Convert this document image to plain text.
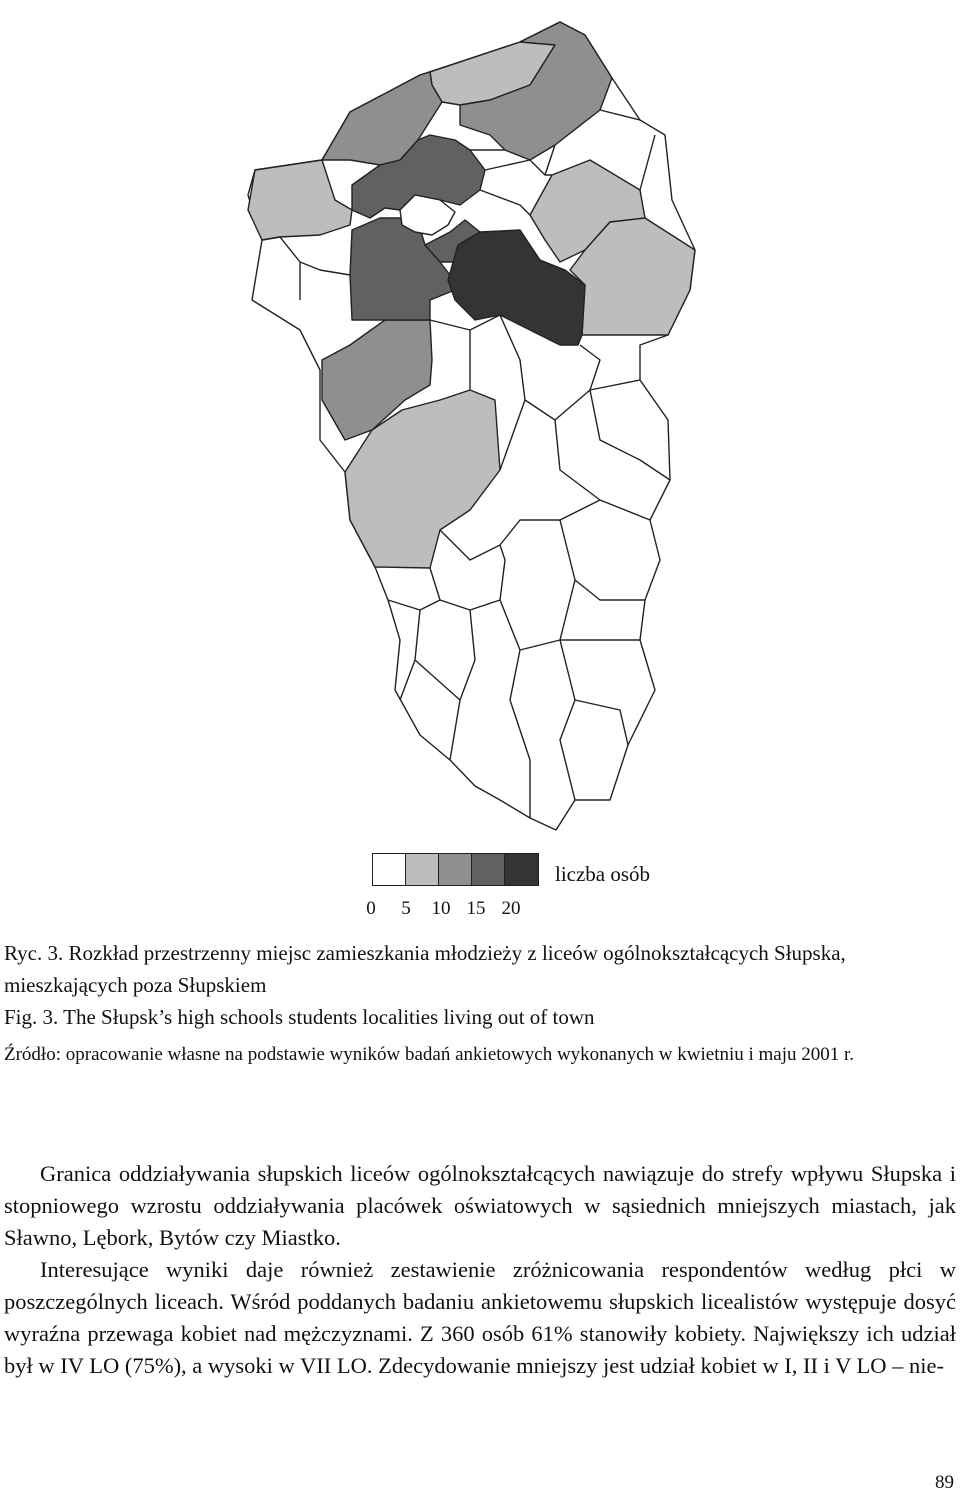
0 5 10 15 20
liczba osób

Ryc. 3. Rozkład przestrzenny miejsc zamieszkania młodzieży z liceów ogólnokształcących Słupska, mieszkających poza Słupskiem

Fig. 3. The Słupsk’s high schools students localities living out of town

Źródło: opracowanie własne na podstawie wyników badań ankietowych wykonanych w kwietniu i maju 2001 r.

Granica oddziaływania słupskich liceów ogólnokształcących nawiązuje do strefy wpływu Słupska i stopniowego wzrostu oddziaływania placówek oświatowych w sąsiednich mniejszych miastach, jak Sławno, Lębork, Bytów czy Miastko.

Interesujące wyniki daje również zestawienie zróżnicowania respondentów według płci w poszczególnych liceach. Wśród poddanych badaniu ankietowemu słupskich licealistów występuje dosyć wyraźna przewaga kobiet nad mężczyznami. Z 360 osób 61% stanowiły kobiety. Największy ich udział był w IV LO (75%), a wysoki w VII LO. Zdecydowanie mniejszy jest udział kobiet w I, II i V LO – nie-

89
